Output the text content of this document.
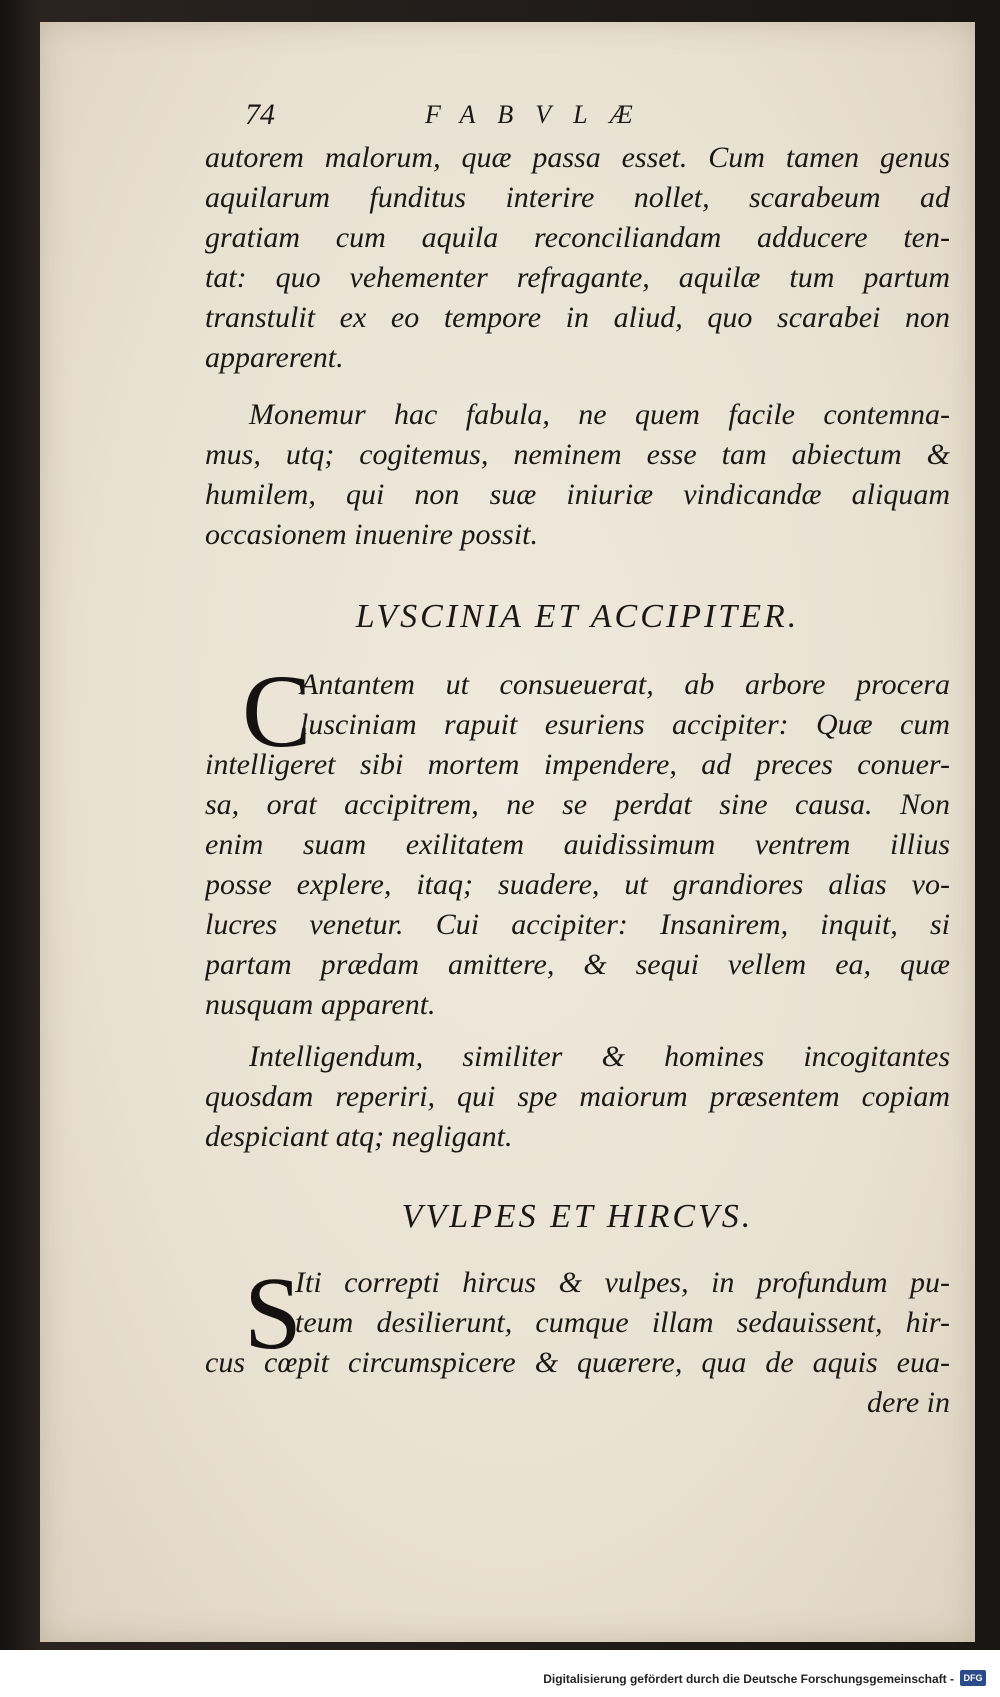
74	FABVLÆ
autorem malorum, quæ passa esset. Cum tamen genus
aquilarum funditus interire nollet, scarabeum ad
gratiam cum aquila reconciliandam adducere ten-
tat: quo vehementer refragante, aquilæ tum partum
transtulit ex eo tempore in aliud, quo scarabei non
apparerent.
Monemur hac fabula, ne quem facile contemna-
mus, utq; cogitemus, neminem esse tam abiectum &
humilem, qui non suæ iniuriæ vindicandæ aliquam
occasionem inuenire possit.
LVSCINIA ET ACCIPITER.
C
Antantem ut consueuerat, ab arbore procera
lusciniam rapuit esuriens accipiter: Quæ cum
intelligeret sibi mortem impendere, ad preces conuer-
sa, orat accipitrem, ne se perdat sine causa. Non
enim suam exilitatem auidissimum ventrem illius
posse explere, itaq; suadere, ut grandiores alias vo-
lucres venetur. Cui accipiter: Insanirem, inquit, si
partam prædam amittere, & sequi vellem ea, quæ
nusquam apparent.
Intelligendum, similiter & homines incogitantes
quosdam reperiri, qui spe maiorum præsentem copiam
despiciant atq; negligant.
VVLPES ET HIRCVS.
S
Iti correpti hircus & vulpes, in profundum pu-
teum desilierunt, cumque illam sedauissent, hir-
cus cœpit circumspicere & quærere, qua de aquis eua-
dere in
Digitalisierung gefördert durch die Deutsche Forschungsgemeinschaft -	DFG
